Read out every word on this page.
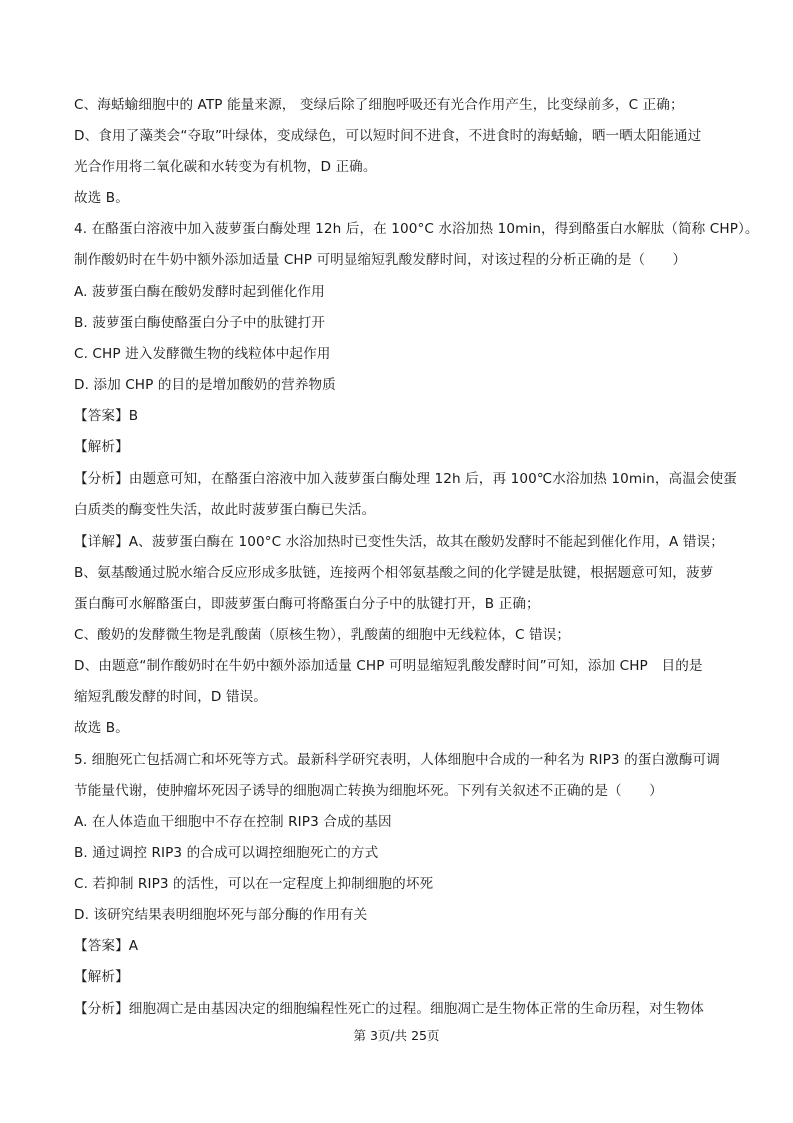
C、海蛞蝓细胞中的 ATP 能量来源， 变绿后除了细胞呼吸还有光合作用产生，比变绿前多，C 正确；
D、食用了藻类会“夺取”叶绿体，变成绿色，可以短时间不进食，不进食时的海蛞蝓，晒一晒太阳能通过
光合作用将二氧化碳和水转变为有机物，D 正确。
故选 B。
4. 在酪蛋白溶液中加入菠萝蛋白酶处理 12h 后，在 100°C 水浴加热 10min，得到酪蛋白水解肽（简称 CHP）。
制作酸奶时在牛奶中额外添加适量 CHP 可明显缩短乳酸发酵时间，对该过程的分析正确的是（　　）
A. 菠萝蛋白酶在酸奶发酵时起到催化作用
B. 菠萝蛋白酶使酪蛋白分子中的肽键打开
C. CHP 进入发酵微生物的线粒体中起作用
D. 添加 CHP 的目的是增加酸奶的营养物质
【答案】B
【解析】
【分析】由题意可知，在酪蛋白溶液中加入菠萝蛋白酶处理 12h 后，再 100℃水浴加热 10min，高温会使蛋
白质类的酶变性失活，故此时菠萝蛋白酶已失活。
【详解】A、菠萝蛋白酶在 100°C 水浴加热时已变性失活，故其在酸奶发酵时不能起到催化作用，A 错误；
B、氨基酸通过脱水缩合反应形成多肽链，连接两个相邻氨基酸之间的化学键是肽键，根据题意可知，菠萝
蛋白酶可水解酪蛋白，即菠萝蛋白酶可将酪蛋白分子中的肽键打开，B 正确；
C、酸奶的发酵微生物是乳酸菌（原核生物），乳酸菌的细胞中无线粒体，C 错误；
D、由题意“制作酸奶时在牛奶中额外添加适量 CHP 可明显缩短乳酸发酵时间”可知，添加 CHP　目的是
缩短乳酸发酵的时间，D 错误。
故选 B。
5. 细胞死亡包括凋亡和坏死等方式。最新科学研究表明，人体细胞中合成的一种名为 RIP3 的蛋白激酶可调
节能量代谢，使肿瘤坏死因子诱导的细胞凋亡转换为细胞坏死。下列有关叙述不正确的是（　　）
A. 在人体造血干细胞中不存在控制 RIP3 合成的基因
B. 通过调控 RIP3 的合成可以调控细胞死亡的方式
C. 若抑制 RIP3 的活性，可以在一定程度上抑制细胞的坏死
D. 该研究结果表明细胞坏死与部分酶的作用有关
【答案】A
【解析】
【分析】细胞凋亡是由基因决定的细胞编程性死亡的过程。细胞凋亡是生物体正常的生命历程，对生物体
第 3页/共 25页
